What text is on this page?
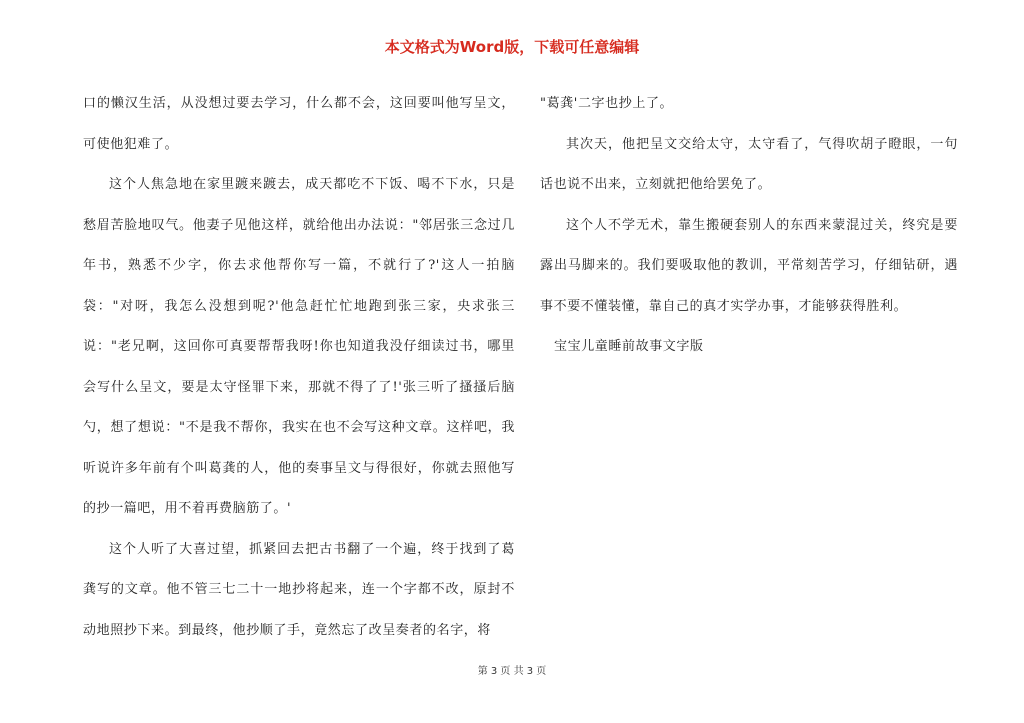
本文格式为Word版，下载可任意编辑

口的懒汉生活，从没想过要去学习，什么都不会，这回要叫他写呈文，可使他犯难了。

这个人焦急地在家里踱来踱去，成天都吃不下饭、喝不下水，只是愁眉苦脸地叹气。他妻子见他这样，就给他出办法说："邻居张三念过几年书，熟悉不少字，你去求他帮你写一篇，不就行了?'这人一拍脑袋："对呀，我怎么没想到呢?'他急赶忙忙地跑到张三家，央求张三说："老兄啊，这回你可真要帮帮我呀!你也知道我没仔细读过书，哪里会写什么呈文，要是太守怪罪下来，那就不得了了!'张三听了搔搔后脑勺，想了想说："不是我不帮你，我实在也不会写这种文章。这样吧，我听说许多年前有个叫葛龚的人，他的奏事呈文与得很好，你就去照他写的抄一篇吧，用不着再费脑筋了。'

这个人听了大喜过望，抓紧回去把古书翻了一个遍，终于找到了葛龚写的文章。他不管三七二十一地抄将起来，连一个字都不改，原封不动地照抄下来。到最终，他抄顺了手，竟然忘了改呈奏者的名字，将

"葛龚'二字也抄上了。

其次天，他把呈文交给太守，太守看了，气得吹胡子瞪眼，一句话也说不出来，立刻就把他给罢免了。

这个人不学无术，靠生搬硬套别人的东西来蒙混过关，终究是要露出马脚来的。我们要吸取他的教训，平常刻苦学习，仔细钻研，遇事不要不懂装懂，靠自己的真才实学办事，才能够获得胜利。

宝宝儿童睡前故事文字版

第 3 页 共 3 页
